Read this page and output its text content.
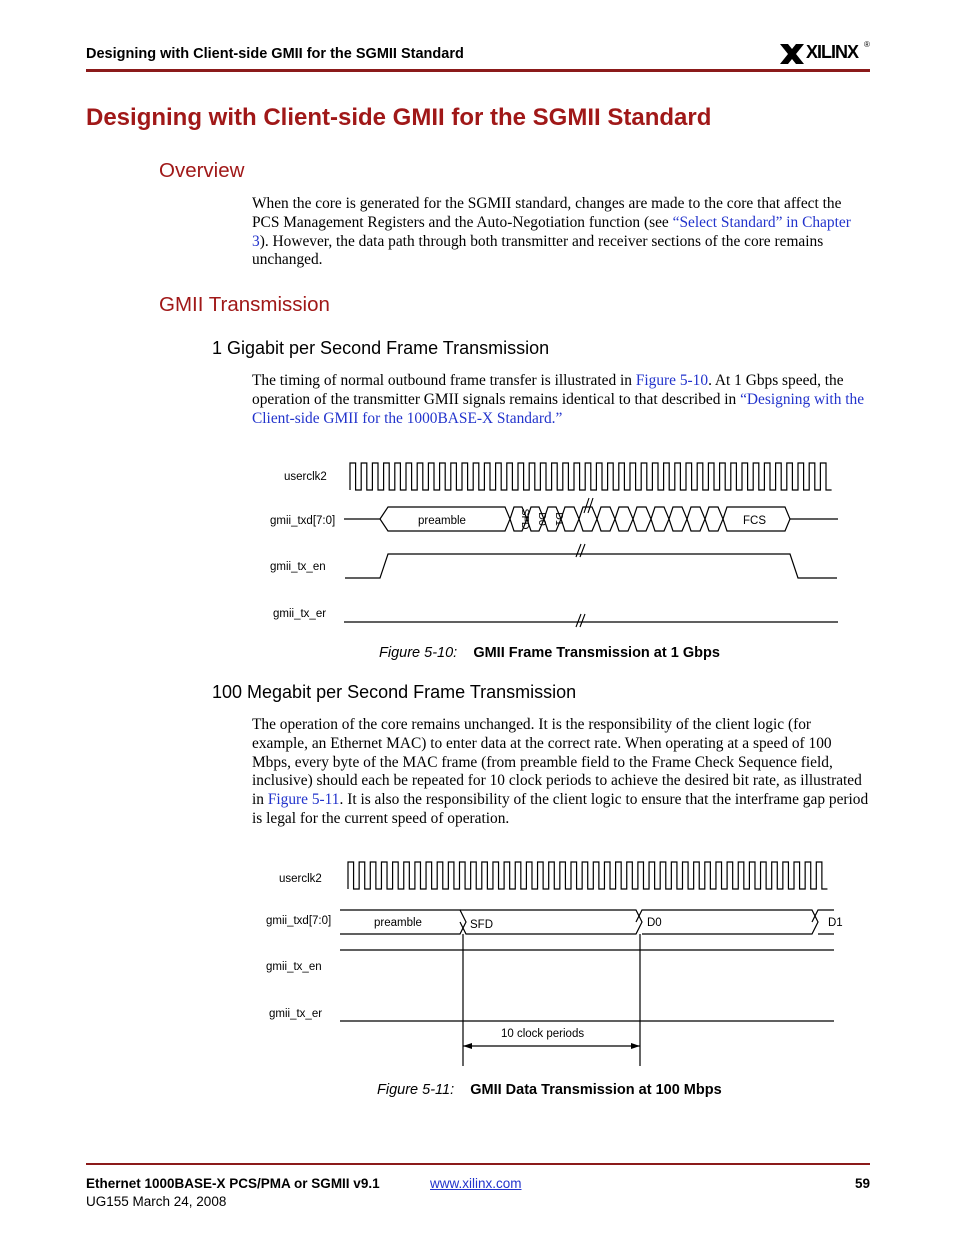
Designing with Client-side GMII for the SGMII Standard	XILINX ®
Designing with Client-side GMII for the SGMII Standard
Overview

When the core is generated for the SGMII standard, changes are made to the core that affect the PCS Management Registers and the Auto-Negotiation function (see “Select Standard” in Chapter 3). However, the data path through both transmitter and receiver sections of the core remains unchanged.

GMII Transmission
1 Gigabit per Second Frame Transmission

The timing of normal outbound frame transfer is illustrated in Figure 5-10. At 1 Gbps speed, the operation of the transmitter GMII signals remains identical to that described in “Designing with the Client-side GMII for the 1000BASE-X Standard.”

userclk2
gmii_txd[7:0]
gmii_tx_en
gmii_tx_er
preamble	SFD D0 D1	FCS
Figure 5-10: GMII Frame Transmission at 1 Gbps
100 Megabit per Second Frame Transmission

The operation of the core remains unchanged. It is the responsibility of the client logic (for example, an Ethernet MAC) to enter data at the correct rate. When operating at a speed of 100 Mbps, every byte of the MAC frame (from preamble field to the Frame Check Sequence field, inclusive) should each be repeated for 10 clock periods to achieve the desired bit rate, as illustrated in Figure 5-11. It is also the responsibility of the client logic to ensure that the interframe gap period is legal for the current speed of operation.

userclk2
gmii_txd[7:0]
gmii_tx_en
gmii_tx_er
preamble	SFD	D0	D1
10 clock periods
Figure 5-11: GMII Data Transmission at 100 Mbps
Ethernet 1000BASE-X PCS/PMA or SGMII v9.1
UG155 March 24, 2008
www.xilinx.com	59
